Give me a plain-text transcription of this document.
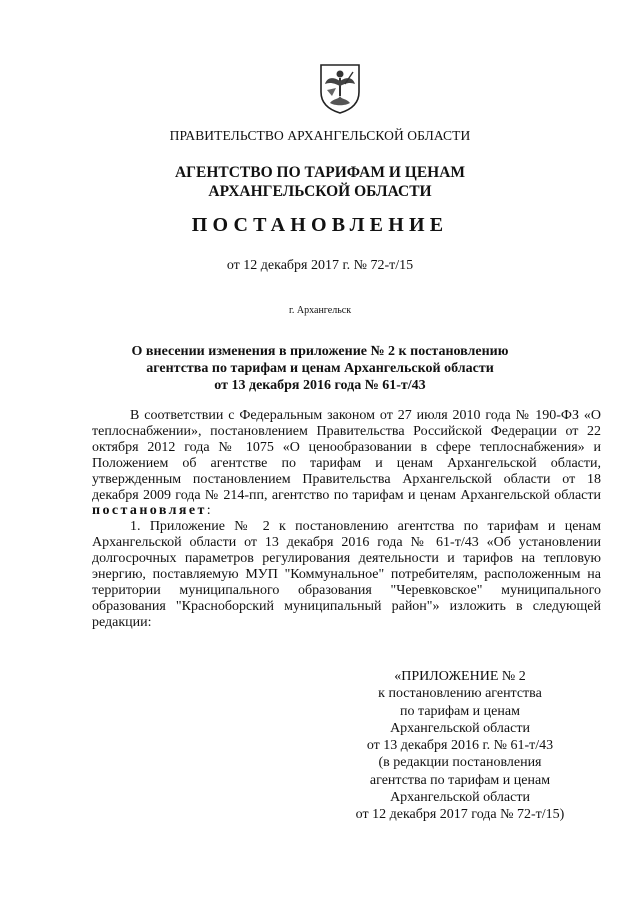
ПРАВИТЕЛЬСТВО АРХАНГЕЛЬСКОЙ ОБЛАСТИ
АГЕНТСТВО ПО ТАРИФАМ И ЦЕНАМ
АРХАНГЕЛЬСКОЙ ОБЛАСТИ
ПОСТАНОВЛЕНИЕ
от 12 декабря 2017 г. № 72-т/15
г. Архангельск
О внесении изменения в приложение № 2 к постановлению
агентства по тарифам и ценам Архангельской области
от 13 декабря 2016 года № 61-т/43

В соответствии с Федеральным законом от 27 июля 2010 года № 190-ФЗ «О теплоснабжении», постановлением Правительства Российской Федерации от 22 октября 2012 года № 1075 «О ценообразовании в сфере теплоснабжения» и Положением об агентстве по тарифам и ценам Архангельской области, утвержденным постановлением Правительства Архангельской области от 18 декабря 2009 года № 214-пп, агентство по тарифам и ценам Архангельской области постановляет:

1. Приложение № 2 к постановлению агентства по тарифам и ценам Архангельской области от 13 декабря 2016 года № 61-т/43 «Об установлении долгосрочных параметров регулирования деятельности и тарифов на тепловую энергию, поставляемую МУП "Коммунальное" потребителям, расположенным на территории муниципального образования "Черевковское" муниципального образования "Красноборский муниципальный район"» изложить в следующей редакции:

«ПРИЛОЖЕНИЕ № 2
к постановлению агентства
по тарифам и ценам
Архангельской области
от 13 декабря 2016 г. № 61-т/43
(в редакции постановления
агентства по тарифам и ценам
Архангельской области
от 12 декабря 2017 года № 72-т/15)
